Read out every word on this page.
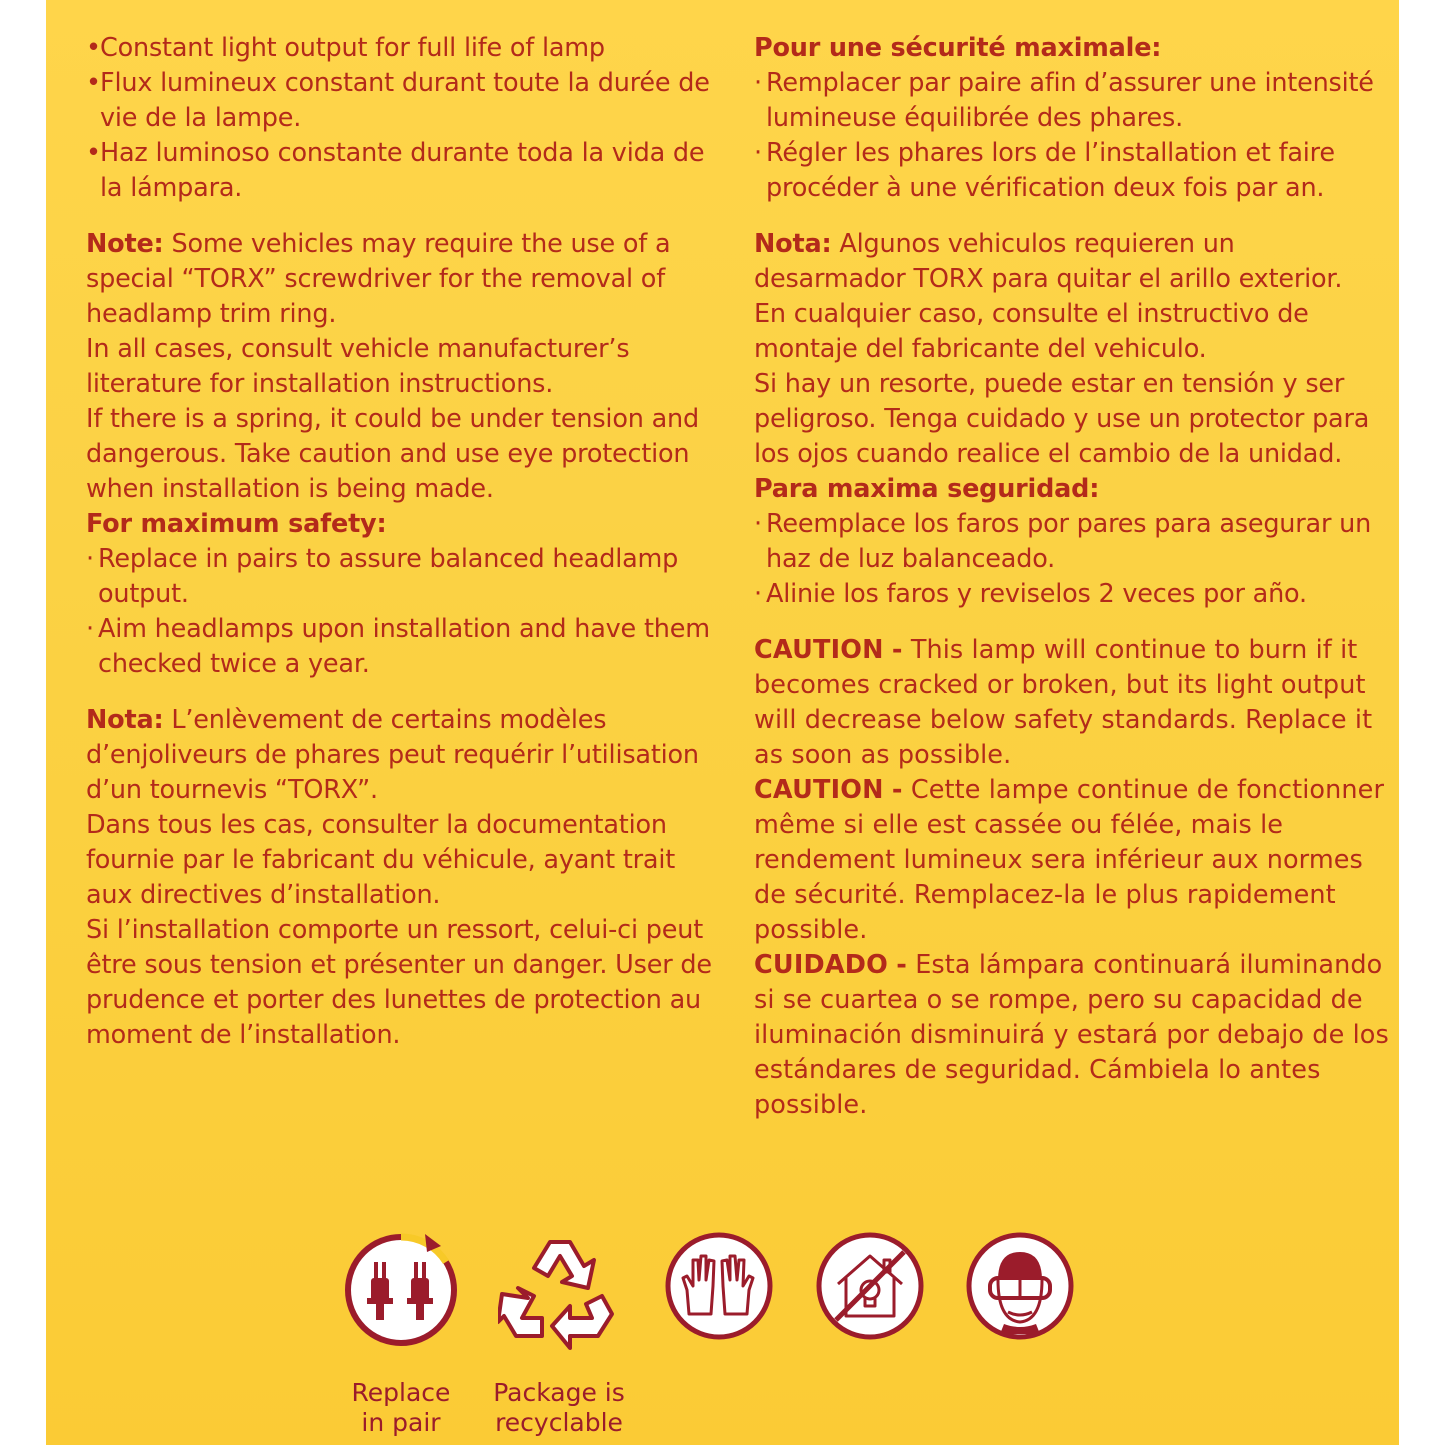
• Constant light output for full life of lamp

• Flux lumineux constant durant toute la durée de vie de la lampe.

• Haz luminoso constante durante toda la vida de la lámpara.

Note: Some vehicles may require the use of a special “TORX” screwdriver for the removal of headlamp trim ring.

In all cases, consult vehicle manufacturer’s literature for installation instructions.

If there is a spring, it could be under tension and dangerous. Take caution and use eye protection when installation is being made.

For maximum safety:

· Replace in pairs to assure balanced headlamp output.

· Aim headlamps upon installation and have them checked twice a year.

Nota: L’enlèvement de certains modèles d’enjoliveurs de phares peut requérir l’utilisation d’un tournevis “TORX”.

Dans tous les cas, consulter la documentation fournie par le fabricant du véhicule, ayant trait aux directives d’installation.

Si l’installation comporte un ressort, celui-ci peut être sous tension et présenter un danger. User de prudence et porter des lunettes de protection au moment de l’installation.

Pour une sécurité maximale:

· Remplacer par paire afin d’assurer une intensité lumineuse équilibrée des phares.

· Régler les phares lors de l’installation et faire procéder à une vérification deux fois par an.

Nota: Algunos vehiculos requieren un desarmador TORX para quitar el arillo exterior.

En cualquier caso, consulte el instructivo de montaje del fabricante del vehiculo.

Si hay un resorte, puede estar en tensión y ser peligroso. Tenga cuidado y use un protector para los ojos cuando realice el cambio de la unidad.

Para maxima seguridad:

· Reemplace los faros por pares para asegurar un haz de luz balanceado.

· Alinie los faros y reviselos 2 veces por año.

CAUTION - This lamp will continue to burn if it becomes cracked or broken, but its light output will decrease below safety standards. Replace it as soon as possible.

CAUTION - Cette lampe continue de fonctionner même si elle est cassée ou félée, mais le rendement lumineux sera inférieur aux normes de sécurité. Remplacez-la le plus rapidement possible.

CUIDADO - Esta lámpara continuará iluminando si se cuartea o se rompe, pero su capacidad de iluminación disminuirá y estará por debajo de los estándares de seguridad. Cámbiela lo antes possible.

Replace
in pair
Package is
recyclable
